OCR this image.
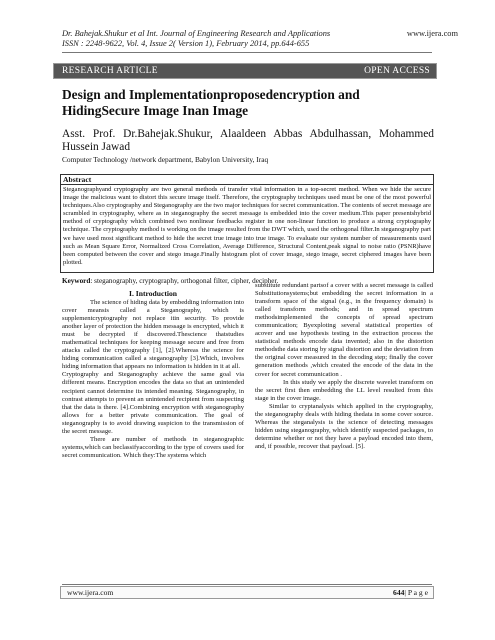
Dr. Bahejak.Shukur et al Int. Journal of Engineering Research and Applications
ISSN : 2248-9622, Vol. 4, Issue 2( Version 1), February 2014, pp.644-655
www.ijera.com
RESEARCH ARTICLE	OPEN ACCESS
Design and Implementationproposedencryption and HidingSecure Image Inan Image
Asst. Prof. Dr.Bahejak.Shukur, Alaaldeen Abbas Abdulhassan, Mohammed Hussein Jawad
Computer Technology /network department, Babylon University, Iraq
Abstract

Steganographyand cryptography are two general methods of transfer vital information in a top-secret method. When we hide the secure image the malicious want to distort this secure image itself. Therefore, the cryptography techniques used must be one of the most powerful techniques.Also cryptography and Steganography are the two major techniques for secret communication. The contents of secret message are scrambled in cryptography, where as in steganography the secret message is embedded into the cover medium.This paper presentshybrid method of cryptography which combined two nonlinear feedbacks register in one non-linear function to produce a strong cryptography technique. The cryptography method is working on the image resulted from the DWT which, used the orthogonal filter.In steganography part we have used most significant method to hide the secret true image into true image. To evaluate our system number of measurements used such as Mean Square Error, Normalized Cross Correlation, Average Difference, Structural Content,peak signal to noise ratio (PSNR)have been computed between the cover and stego image.Finally histogram plot of cover image, stego image, secret ciphered images have been plotted.

Keyword: steganography, cryptography, orthogonal filter, cipher, decipher.
I. Introduction

The science of hiding data by embedding information into cover meansis called a Steganography, which is supplementcryptography not replace itin security. To provide another layer of protection the hidden message is encrypted, which it must be decrypted if discovered.Thescience thatstudies mathematical techniques for keeping message secure and free from attacks called the cryptography [1], [2].Whereas the science for hiding communication called a steganography [3].Which, involves hiding information that appears no information is hidden in it at all.

Cryptography and Steganography achieve the same goal via different means. Encryption encodes the data so that an unintended recipient cannot determine its intended meaning. Steganography, in contrast attempts to prevent an unintended recipient from suspecting that the data is there. [4].Combining encryption with steganography allows for a better private communication. The goal of steganography is to avoid drawing suspicion to the transmission of the secret message.

There are number of methods in steganographic systems,which can beclassifyaccording to the type of covers used for secret communication. Which they:The systems which

substitute redundant partsof a cover with a secret message is called Substitutionsystems;but embedding the secret information in a transform space of the signal (e.g., in the frequency domain) is called transform methods; and in spread spectrum methodsimplemented the concepts of spread spectrum communication; Byexploting several statistical properties of acover and use hypothesis testing in the extraction process the statistical methods encode data invented; also in the distortion methodsthe data storing by signal distortion and the deviation from the original cover measured in the decoding step; finally the cover generation methods ,which created the encode of the data in the cover for secret communication .

In this study we apply the discrete wavelet transform on the secret first then embedding the LL level resulted from this stage in the cover image.

Similar to cryptanalysis which applied in the cryptography, the steganography deals with hiding thedata in some cover source. Whereas the steganalysis is the science of detecting messages hidden using steganography, which identify suspected packages, to determine whether or not they have a payload encoded into them, and, if possible, recover that payload. [5].

www.ijera.com	644| P a g e
